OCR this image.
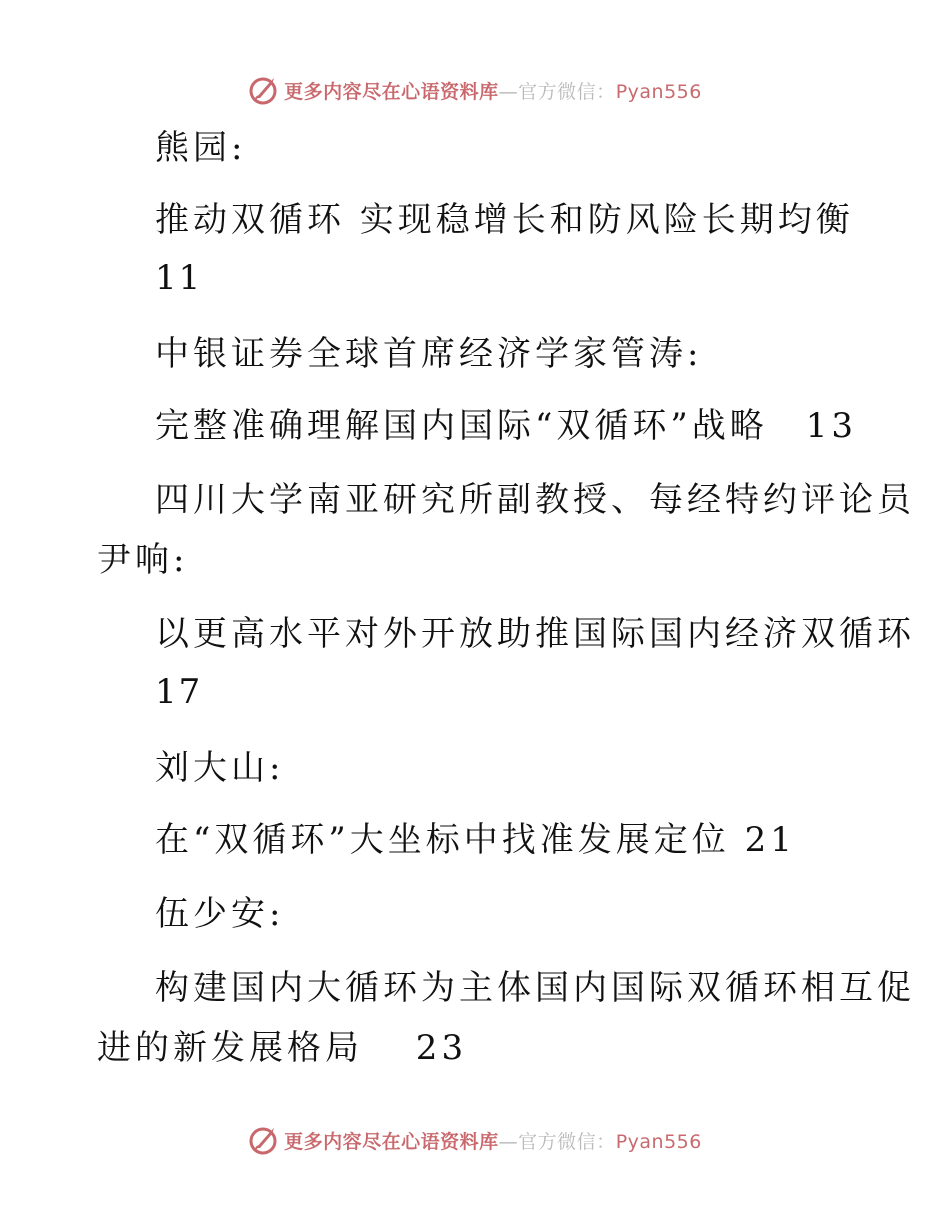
更多内容尽在心语资料库—官方微信：Pyan556
熊园:
推动双循环 实现稳增长和防风险长期均衡
11
中银证券全球首席经济学家管涛:
完整准确理解国内国际“双循环”战略　13
四川大学南亚研究所副教授、每经特约评论员
尹响:
以更高水平对外开放助推国际国内经济双循环
17
刘大山:
在“双循环”大坐标中找准发展定位 21
伍少安:
构建国内大循环为主体国内国际双循环相互促
进的新发展格局　 23
更多内容尽在心语资料库—官方微信：Pyan556
